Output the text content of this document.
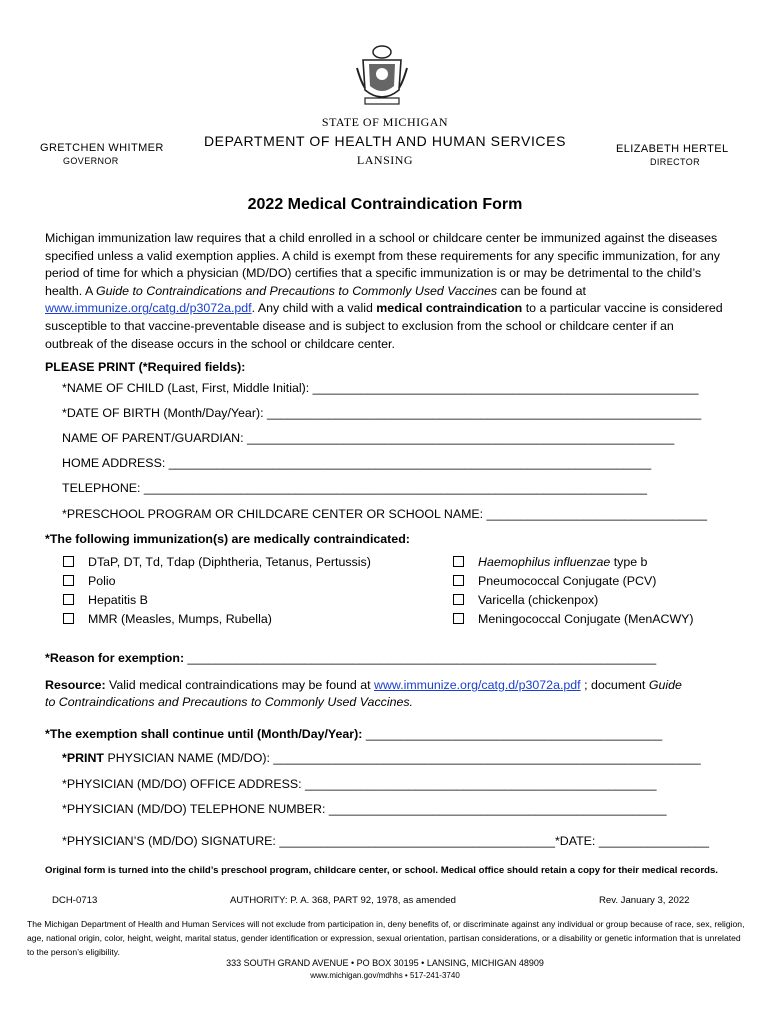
STATE OF MICHIGAN
DEPARTMENT OF HEALTH AND HUMAN SERVICES
LANSING
GRETCHEN WHITMER
GOVERNOR
ELIZABETH HERTEL
DIRECTOR
2022 Medical Contraindication Form
Michigan immunization law requires that a child enrolled in a school or childcare center be immunized against the diseases specified unless a valid exemption applies. A child is exempt from these requirements for any specific immunization, for any period of time for which a physician (MD/DO) certifies that a specific immunization is or may be detrimental to the child’s health. A Guide to Contraindications and Precautions to Commonly Used Vaccines can be found at www.immunize.org/catg.d/p3072a.pdf. Any child with a valid medical contraindication to a particular vaccine is considered susceptible to that vaccine-preventable disease and is subject to exclusion from the school or childcare center if an outbreak of the disease occurs in the school or childcare center.
PLEASE PRINT (*Required fields):
*NAME OF CHILD (Last, First, Middle Initial): ________________________________________________________
*DATE OF BIRTH (Month/Day/Year): _______________________________________________________________
NAME OF PARENT/GUARDIAN: ______________________________________________________________
HOME ADDRESS: ______________________________________________________________________
TELEPHONE: _________________________________________________________________________
*PRESCHOOL PROGRAM OR CHILDCARE CENTER OR SCHOOL NAME: ________________________________
*The following immunization(s) are medically contraindicated:
DTaP, DT, Td, Tdap (Diphtheria, Tetanus, Pertussis)
Polio
Hepatitis B
MMR (Measles, Mumps, Rubella)
Haemophilus influenzae type b
Pneumococcal Conjugate (PCV)
Varicella (chickenpox)
Meningococcal Conjugate (MenACWY)
*Reason for exemption: ____________________________________________________________________
Resource: Valid medical contraindications may be found at www.immunize.org/catg.d/p3072a.pdf ; document Guide
to Contraindications and Precautions to Commonly Used Vaccines.
*The exemption shall continue until (Month/Day/Year): ___________________________________________
*PRINT PHYSICIAN NAME (MD/DO): ______________________________________________________________
*PHYSICIAN (MD/DO) OFFICE ADDRESS: ___________________________________________________
*PHYSICIAN (MD/DO) TELEPHONE NUMBER: _________________________________________________
*PHYSICIAN’S (MD/DO) SIGNATURE: ________________________________________*DATE: ________________
Original form is turned into the child’s preschool program, childcare center, or school. Medical office should retain a copy for their medical records.
DCH-0713	AUTHORITY: P. A. 368, PART 92, 1978, as amended	Rev. January 3, 2022
The Michigan Department of Health and Human Services will not exclude from participation in, deny benefits of, or discriminate against any individual or group because of race, sex, religion, age, national origin, color, height, weight, marital status, gender identification or expression, sexual orientation, partisan considerations, or a disability or genetic information that is unrelated to the person’s eligibility.
333 SOUTH GRAND AVENUE • PO BOX 30195 • LANSING, MICHIGAN 48909
www.michigan.gov/mdhhs • 517-241-3740
